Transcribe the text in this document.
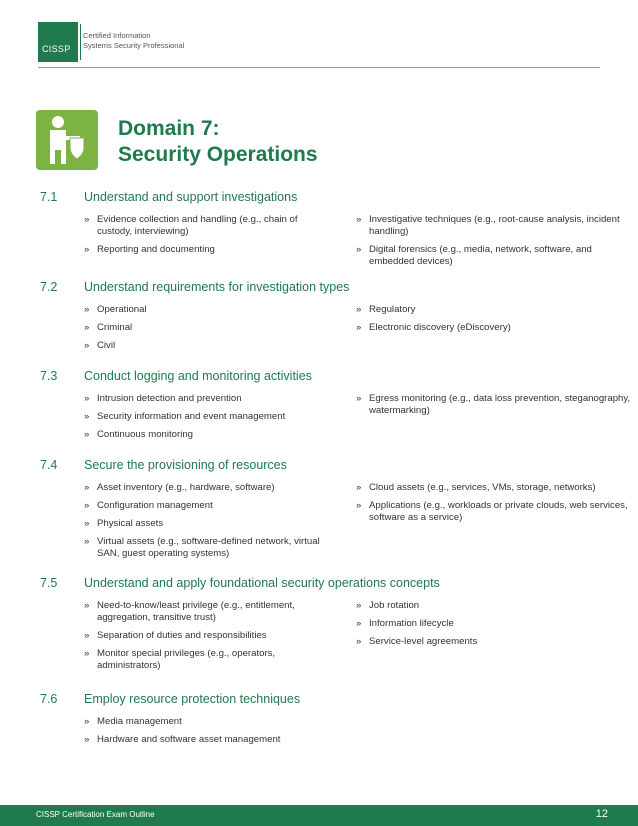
CISSP
Certified Information
Systems Security Professional
Domain 7:
Security Operations
7.1 Understand and support investigations
» Evidence collection and handling (e.g., chain of custody, interviewing)
» Reporting and documenting
» Investigative techniques (e.g., root-cause analysis, incident handling)
» Digital forensics (e.g., media, network, software, and embedded devices)
7.2 Understand requirements for investigation types
» Operational
» Criminal
» Civil
» Regulatory
» Electronic discovery (eDiscovery)
7.3 Conduct logging and monitoring activities
» Intrusion detection and prevention
» Security information and event management
» Continuous monitoring
» Egress monitoring (e.g., data loss prevention, steganography, watermarking)
7.4 Secure the provisioning of resources
» Asset inventory (e.g., hardware, software)
» Configuration management
» Physical assets
» Virtual assets (e.g., software-defined network, virtual SAN, guest operating systems)
» Cloud assets (e.g., services, VMs, storage, networks)
» Applications (e.g., workloads or private clouds, web services, software as a service)
7.5 Understand and apply foundational security operations concepts
» Need-to-know/least privilege (e.g., entitlement, aggregation, transitive trust)
» Separation of duties and responsibilities
» Monitor special privileges (e.g., operators, administrators)
» Job rotation
» Information lifecycle
» Service-level agreements
7.6 Employ resource protection techniques
» Media management
» Hardware and software asset management
CISSP Certification Exam Outline	12
